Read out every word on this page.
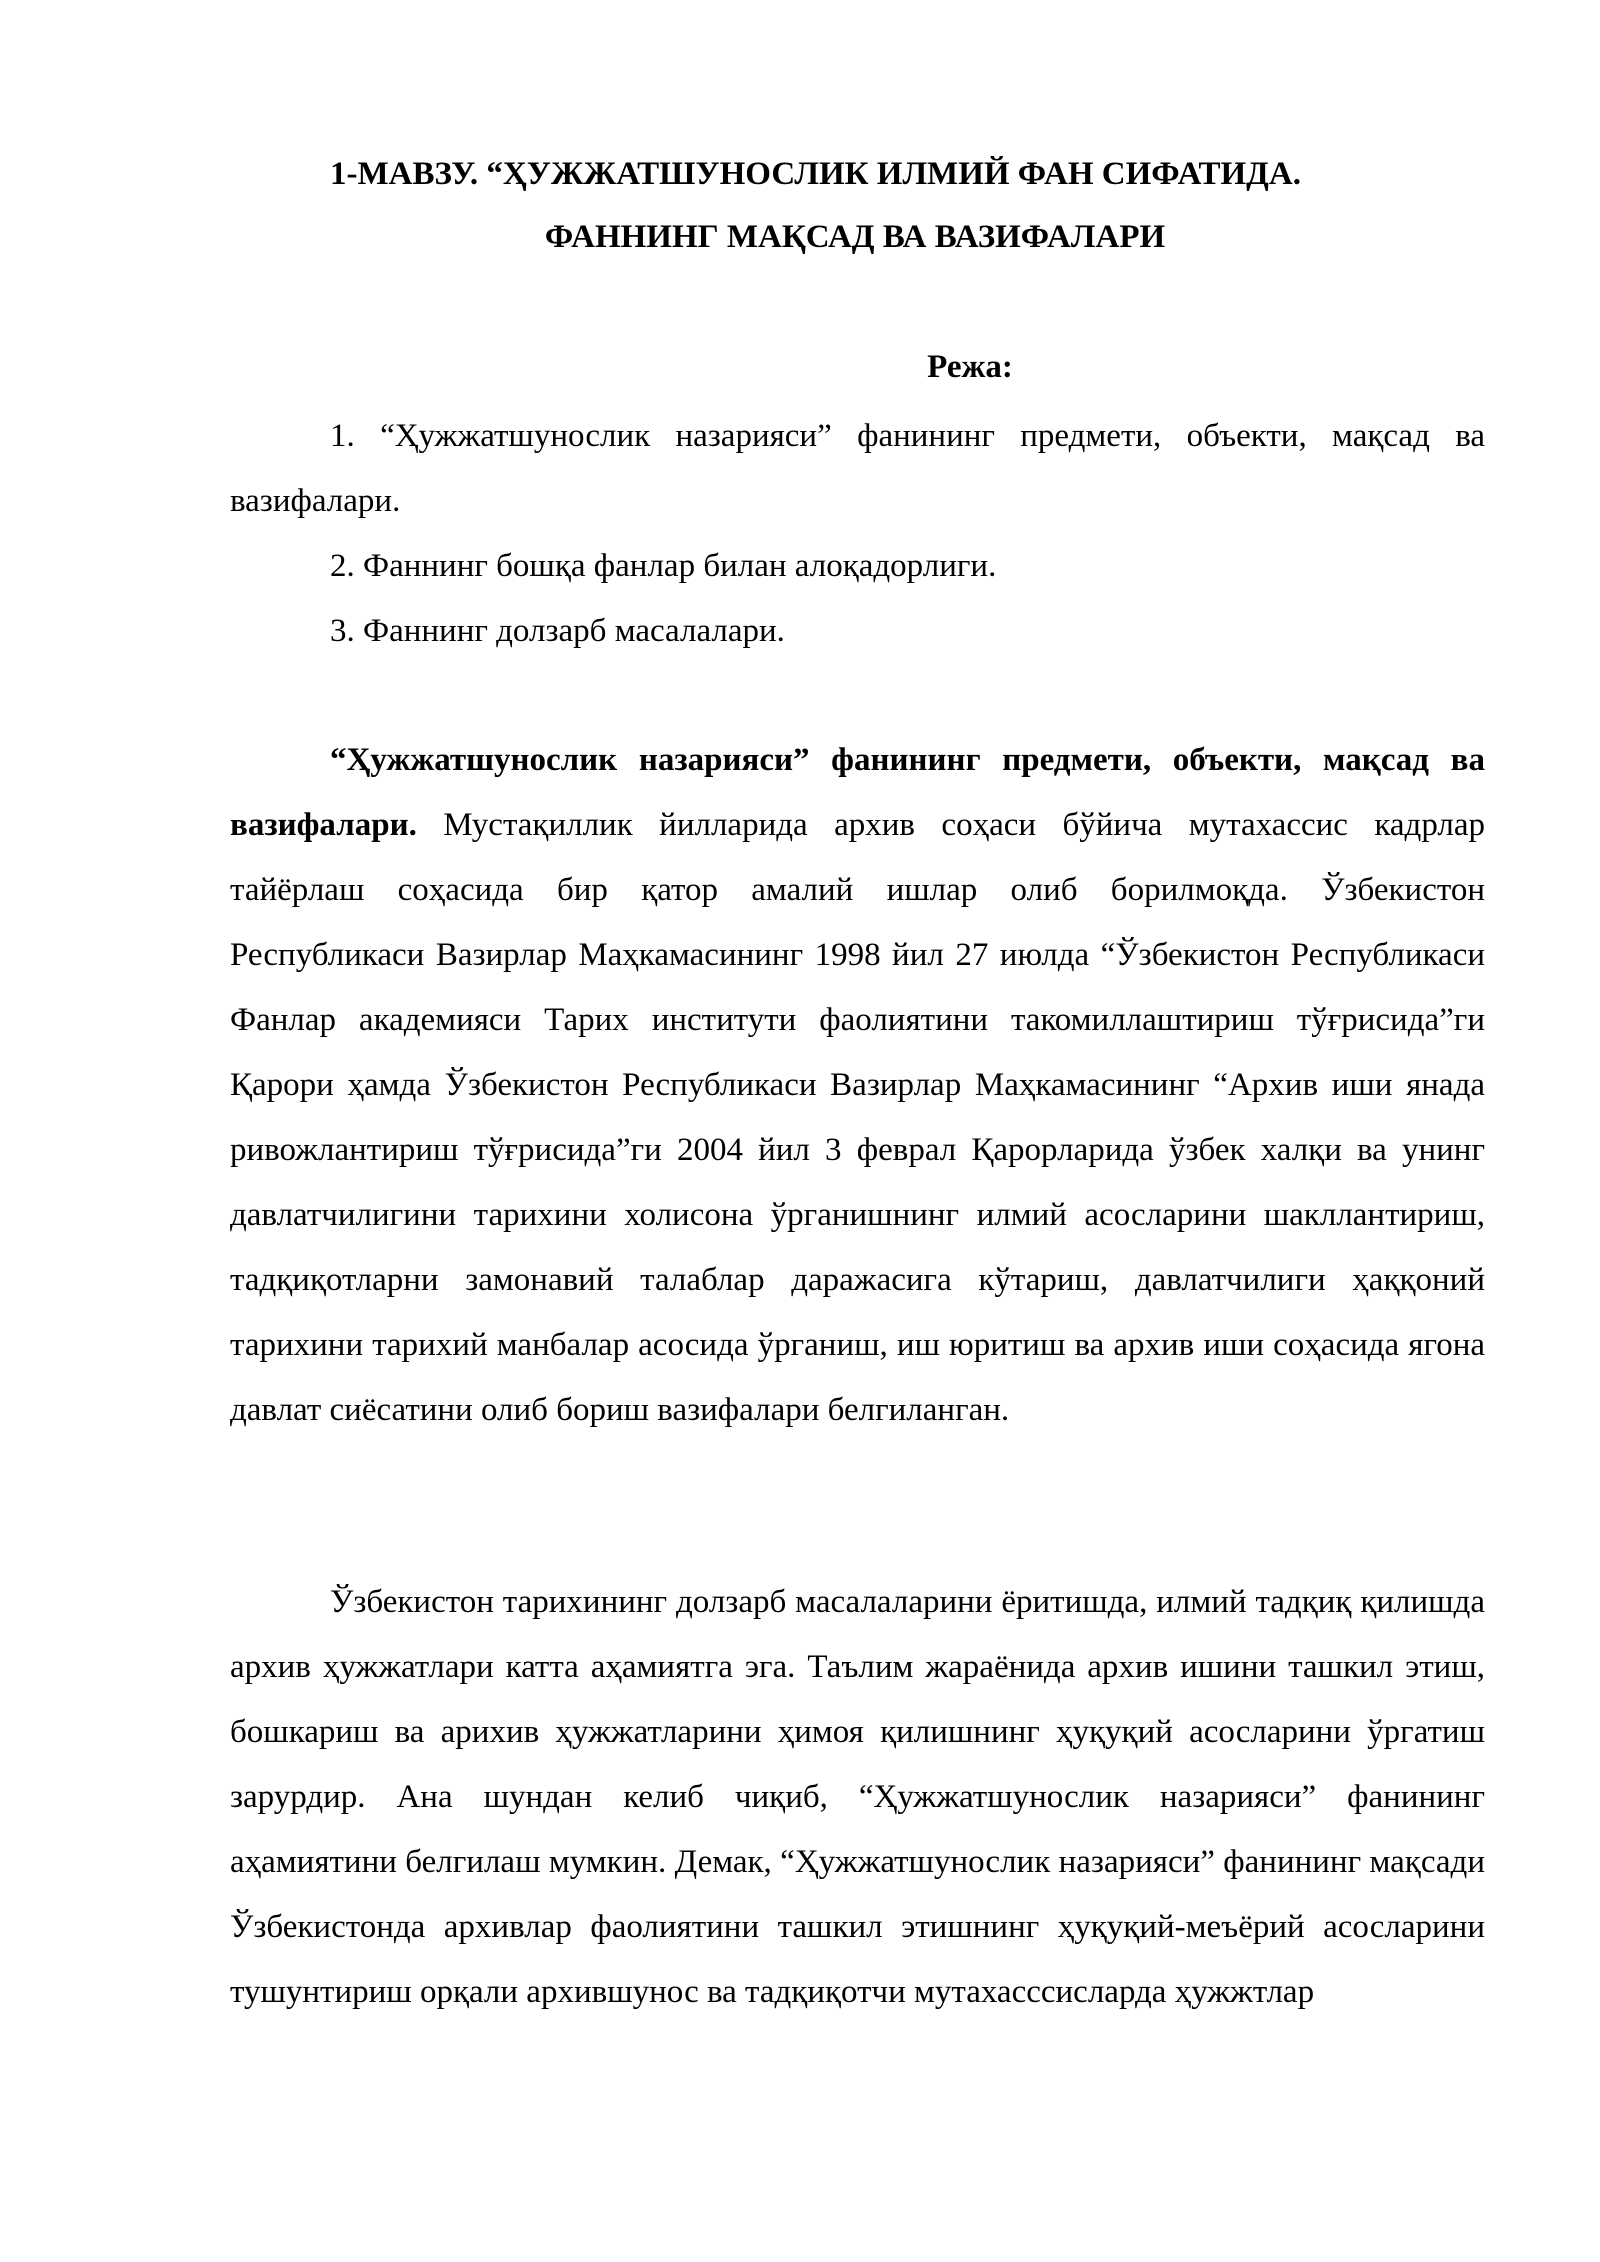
1-МАВЗУ. “ҲУЖЖАТШУНОСЛИК ИЛМИЙ ФАН СИФАТИДА.

ФАННИНГ МАҚСАД ВА ВАЗИФАЛАРИ

Режа:

1. “Ҳужжатшунослик назарияси” фанининг предмети, объекти, мақсад ва вазифалари.
2. Фаннинг бошқа фанлар билан алоқадорлиги.
3. Фаннинг долзарб масалалари.

“Ҳужжатшунослик назарияси” фанининг предмети, объекти, мақсад ва вазифалари. Мустақиллик йилларида архив соҳаси бўйича мутахассис кадрлар тайёрлаш соҳасида бир қатор амалий ишлар олиб борилмоқда. Ўзбекистон Республикаси Вазирлар Маҳкамасининг 1998 йил 27 июлда “Ўзбекистон Республикаси Фанлар академияси Тарих институти фаолиятини такомиллаштириш тўғрисида”ги Қарори ҳамда Ўзбекистон Республикаси Вазирлар Маҳкамасининг “Архив иши янада ривожлантириш тўғрисида”ги 2004 йил 3 феврал Қарорларида ўзбек халқи ва унинг давлатчилигини тарихини холисона ўрганишнинг илмий асосларини шакллантириш, тадқиқотларни замонавий талаблар даражасига кўтариш, давлатчилиги ҳаққоний тарихини тарихий манбалар асосида ўрганиш, иш юритиш ва архив иши соҳасида ягона давлат сиёсатини олиб бориш вазифалари белгиланган.

Ўзбекистон тарихининг долзарб масалаларини ёритишда, илмий тадқиқ қилишда архив ҳужжатлари катта аҳамиятга эга. Таълим жараёнида архив ишини ташкил этиш, бошкариш ва арихив ҳужжатларини ҳимоя қилишнинг ҳуқуқий асосларини ўргатиш зарурдир. Ана шундан келиб чиқиб, “Ҳужжатшунослик назарияси” фанининг аҳамиятини белгилаш мумкин. Демак, “Ҳужжатшунослик назарияси” фанининг мақсади Ўзбекистонда архивлар фаолиятини ташкил этишнинг ҳуқуқий-меъёрий асосларини тушунтириш орқали архившунос ва тадқиқотчи мутахасссисларда ҳужжтлар
